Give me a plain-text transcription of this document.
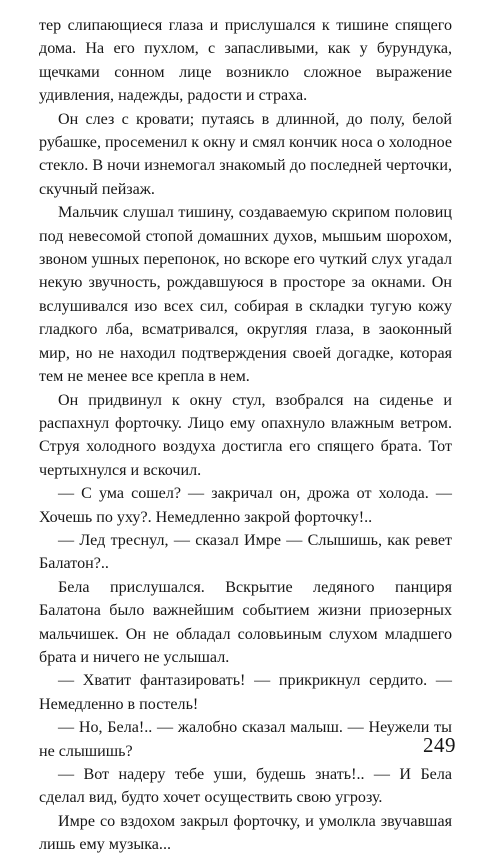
тер слипающиеся глаза и прислушался к тишине спящего дома. На его пухлом, с запасливыми, как у бурундука, щечками сонном лице возникло сложное выражение удивления, надежды, радости и страха.

Он слез с кровати; путаясь в длинной, до полу, белой рубашке, просеменил к окну и смял кончик носа о холодное стекло. В ночи изнемогал знакомый до последней черточки, скучный пейзаж.

Мальчик слушал тишину, создаваемую скрипом половиц под невесомой стопой домашних духов, мышьим шорохом, звоном ушных перепонок, но вскоре его чуткий слух угадал некую звучность, рождавшуюся в просторе за окнами. Он вслушивался изо всех сил, собирая в складки тугую кожу гладкого лба, всматривался, округляя глаза, в заоконный мир, но не находил подтверждения своей догадке, которая тем не менее все крепла в нем.

Он придвинул к окну стул, взобрался на сиденье и распахнул форточку. Лицо ему опахнуло влажным ветром. Струя холодного воздуха достигла его спящего брата. Тот чертыхнулся и вскочил.

— С ума сошел? — закричал он, дрожа от холода. — Хочешь по уху?. Немедленно закрой форточку!..

— Лед треснул, — сказал Имре — Слышишь, как ревет Балатон?..

Бела прислушался. Вскрытие ледяного панциря Балатона было важнейшим событием жизни приозерных мальчишек. Он не обладал соловьиным слухом младшего брата и ничего не услышал.

— Хватит фантазировать! — прикрикнул сердито. — Немедленно в постель!

— Но, Бела!.. — жалобно сказал малыш. — Неужели ты не слышишь?

— Вот надеру тебе уши, будешь знать!.. — И Бела сделал вид, будто хочет осуществить свою угрозу.

Имре со вздохом закрыл форточку, и умолкла звучавшая лишь ему музыка...

249
